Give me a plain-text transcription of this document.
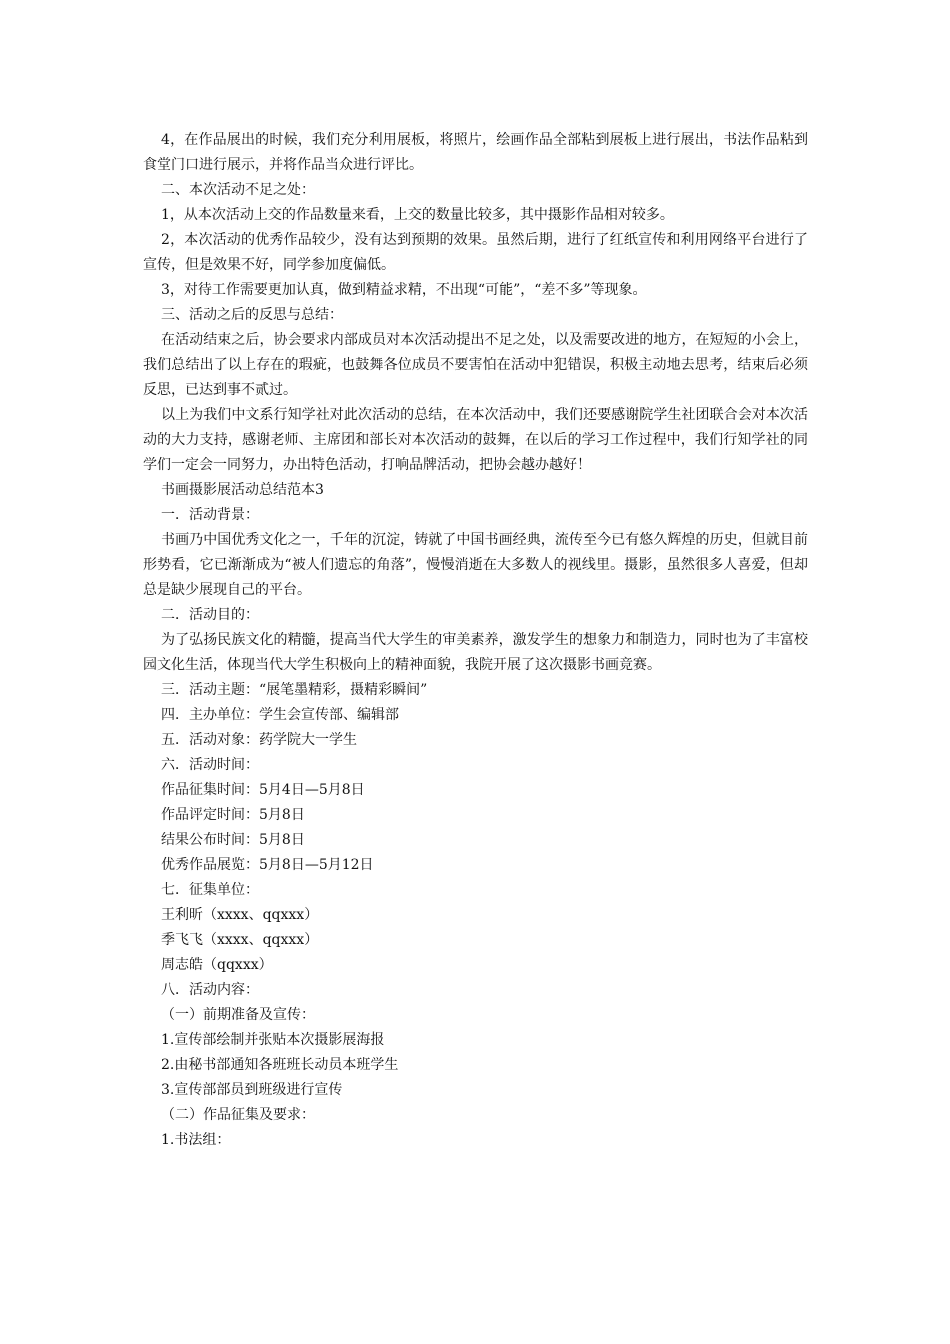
4，在作品展出的时候，我们充分利用展板，将照片，绘画作品全部粘到展板上进行展出，书法作品粘到食堂门口进行展示，并将作品当众进行评比。

二、本次活动不足之处：

1，从本次活动上交的作品数量来看，上交的数量比较多，其中摄影作品相对较多。

2，本次活动的优秀作品较少，没有达到预期的效果。虽然后期，进行了红纸宣传和利用网络平台进行了宣传，但是效果不好，同学参加度偏低。

3，对待工作需要更加认真，做到精益求精，不出现“可能”，“差不多”等现象。

三、活动之后的反思与总结：

在活动结束之后，协会要求内部成员对本次活动提出不足之处，以及需要改进的地方，在短短的小会上，我们总结出了以上存在的瑕疵，也鼓舞各位成员不要害怕在活动中犯错误，积极主动地去思考，结束后必须反思，已达到事不贰过。

以上为我们中文系行知学社对此次活动的总结，在本次活动中，我们还要感谢院学生社团联合会对本次活动的大力支持，感谢老师、主席团和部长对本次活动的鼓舞，在以后的学习工作过程中，我们行知学社的同学们一定会一同努力，办出特色活动，打响品牌活动，把协会越办越好！

书画摄影展活动总结范本3

一．活动背景：

书画乃中国优秀文化之一，千年的沉淀，铸就了中国书画经典，流传至今已有悠久辉煌的历史，但就目前形势看，它已渐渐成为“被人们遗忘的角落”，慢慢消逝在大多数人的视线里。摄影，虽然很多人喜爱，但却总是缺少展现自己的平台。

二．活动目的：

为了弘扬民族文化的精髓，提高当代大学生的审美素养，激发学生的想象力和制造力，同时也为了丰富校园文化生活，体现当代大学生积极向上的精神面貌，我院开展了这次摄影书画竞赛。

三．活动主题：“展笔墨精彩，摄精彩瞬间”

四．主办单位：学生会宣传部、编辑部

五．活动对象：药学院大一学生

六．活动时间：

作品征集时间：5月4日—5月8日

作品评定时间：5月8日

结果公布时间：5月8日

优秀作品展览：5月8日—5月12日

七．征集单位：

王利昕（xxxx、qqxxx）

季飞飞（xxxx、qqxxx）

周志皓（qqxxx）

八．活动内容：

（一）前期准备及宣传：

1.宣传部绘制并张贴本次摄影展海报

2.由秘书部通知各班班长动员本班学生

3.宣传部部员到班级进行宣传

（二）作品征集及要求：

1.书法组：
